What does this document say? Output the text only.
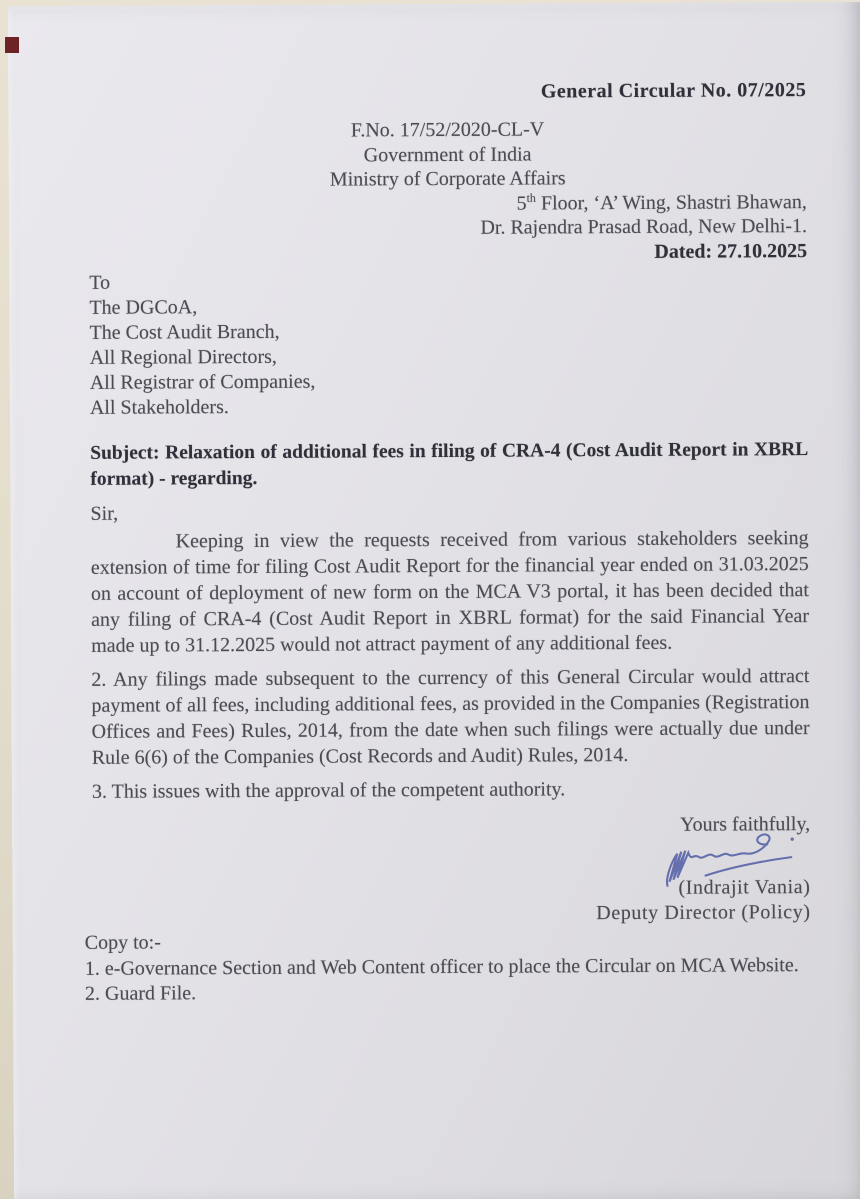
General Circular No. 07/2025
F.No. 17/52/2020-CL-V
Government of India
Ministry of Corporate Affairs
5th Floor, ‘A’ Wing, Shastri Bhawan,
Dr. Rajendra Prasad Road, New Delhi-1.
Dated: 27.10.2025
To
The DGCoA,
The Cost Audit Branch,
All Regional Directors,
All Registrar of Companies,
All Stakeholders.
Subject: Relaxation of additional fees in filing of CRA-4 (Cost Audit Report in XBRL format) - regarding.
Sir,

Keeping in view the requests received from various stakeholders seeking extension of time for filing Cost Audit Report for the financial year ended on 31.03.2025 on account of deployment of new form on the MCA V3 portal, it has been decided that any filing of CRA-4 (Cost Audit Report in XBRL format) for the said Financial Year made up to 31.12.2025 would not attract payment of any additional fees.

2. Any filings made subsequent to the currency of this General Circular would attract payment of all fees, including additional fees, as provided in the Companies (Registration Offices and Fees) Rules, 2014, from the date when such filings were actually due under Rule 6(6) of the Companies (Cost Records and Audit) Rules, 2014.

3. This issues with the approval of the competent authority.

Yours faithfully,
(Indrajit Vania)
Deputy Director (Policy)
Copy to:-
1. e-Governance Section and Web Content officer to place the Circular on MCA Website.
2. Guard File.
